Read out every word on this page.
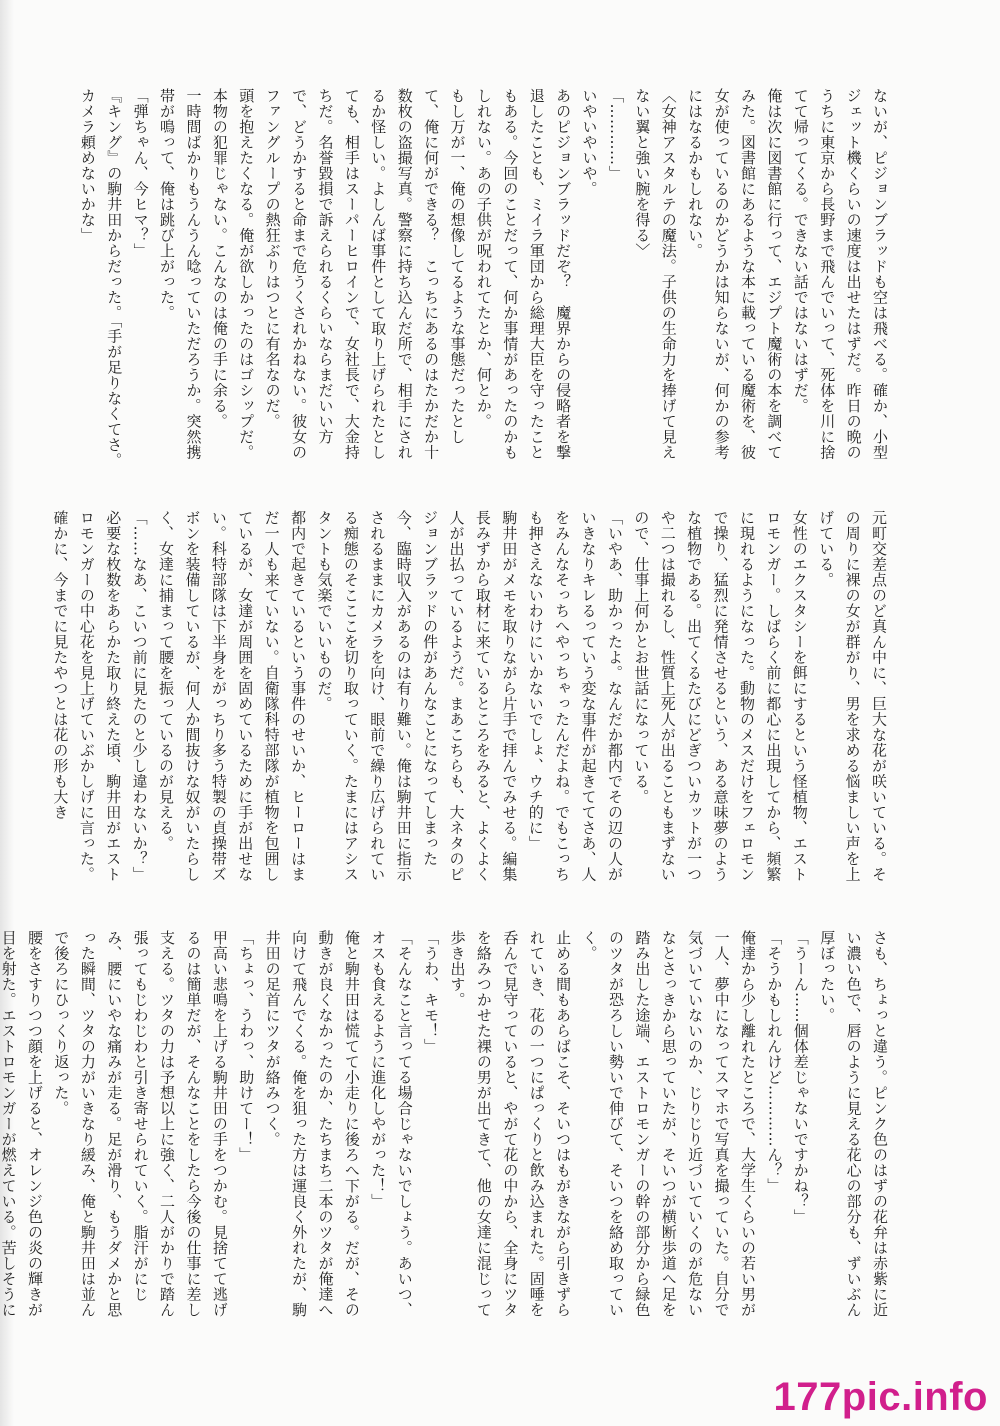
ないが、ピジョンブラッドも空は飛べる。確か、小型ジェット機くらいの速度は出せたはずだ。昨日の晩のうちに東京から長野まで飛んでいって、死体を川に捨てて帰ってくる。できない話ではないはずだ。

俺は次に図書館に行って、エジプト魔術の本を調べてみた。図書館にあるような本に載っている魔術を、彼女が使っているのかどうかは知らないが、何かの参考にはなるかもしれない。

〈女神アスタルテの魔法。子供の生命力を捧げて見えない翼と強い腕を得る〉

「…………」

いやいやいや。

あのピジョンブラッドだぞ？　魔界からの侵略者を撃退したことも、ミイラ軍団から総理大臣を守ったこともある。今回のことだって、何か事情があったのかもしれない。あの子供が呪われてたとか、何とか。

もし万が一、俺の想像してるような事態だったとして、俺に何ができる？　こっちにあるのはたかだか十数枚の盗撮写真。警察に持ち込んだ所で、相手にされるか怪しい。よしんば事件として取り上げられたとしても、相手はスーパーヒロインで、女社長で、大金持ちだ。名誉毀損で訴えられるくらいならまだいい方で、どうかすると命まで危うくされかねない。彼女のファングループの熱狂ぶりはつとに有名なのだ。

頭を抱えたくなる。俺が欲しかったのはゴシップだ。本物の犯罪じゃない。こんなのは俺の手に余る。

一時間ばかりもうんうん唸っていただろうか。突然携帯が鳴って、俺は跳び上がった。

「弾ちゃん、今ヒマ？」

『キング』の駒井田からだった。「手が足りなくてさ。カメラ頼めないかな」

元町交差点のど真ん中に、巨大な花が咲いている。その周りに裸の女が群がり、男を求める悩ましい声を上げている。

女性のエクスタシーを餌にするという怪植物、エストロモンガー。しばらく前に都心に出現してから、頻繁に現れるようになった。動物のメスだけをフェロモンで操り、猛烈に発情させるという、ある意味夢のような植物である。出てくるたびにどぎついカットが一つや二つは撮れるし、性質上死人が出ることもまずないので、仕事上何かとお世話になっている。

「いやあ、助かったよ。なんだか都内でその辺の人がいきなりキレるっていう変な事件が起きててさあ、人をみんなそっちへやっちゃったんだよね。でもこっちも押さえないわけにいかないでしょ、ウチ的に」

駒井田がメモを取りながら片手で拝んでみせる。編集長みずから取材に来ているところをみると、よくよく人が出払っているようだ。まあこちらも、大ネタのピジョンブラッドの件があんなことになってしまった今、臨時収入があるのは有り難い。俺は駒井田に指示されるままにカメラを向け、眼前で繰り広げられている痴態のそこここを切り取っていく。たまにはアシスタントも気楽でいいものだ。

都内で起きているという事件のせいか、ヒーローはまだ一人も来ていない。自衛隊科特部隊が植物を包囲しているが、女達が周囲を固めているために手が出せない。科特部隊は下半身をがっちり多う特製の貞操帯ズボンを装備しているが、何人か間抜けな奴がいたらしく、女達に捕まって腰を振っているのが見える。

「……なあ、こいつ前に見たのと少し違わないか？」

必要な枚数をあらかた取り終えた頃、駒井田がエストロモンガーの中心花を見上げていぶかしげに言った。確かに、今までに見たやつとは花の形も大き

さも、ちょっと違う。ピンク色のはずの花弁は赤紫に近い濃い色で、唇のように見える花心の部分も、ずいぶん厚ぼったい。

「うーん……個体差じゃないですかね？」

「そうかもしれんけど…………ん？」

俺達から少し離れたところで、大学生くらいの若い男が一人、夢中になってスマホで写真を撮っていた。自分で気づいていないのか、じりじり近づいていくのが危ないなとさっきから思っていたが、そいつが横断歩道へ足を踏み出した途端、エストロモンガーの幹の部分から緑色のツタが恐ろしい勢いで伸びて、そいつを絡め取っていく。

止める間もあらばこそ、そいつはもがきながら引きずられていき、花の一つにぱっくりと飲み込まれた。固唾を呑んで見守っていると、やがて花の中から、全身にツタを絡みつかせた裸の男が出てきて、他の女達に混じって歩き出す。

「うわ、キモ！」

「そんなこと言ってる場合じゃないでしょう。あいつ、オスも食えるように進化しやがった！」

俺と駒井田は慌てて小走りに後ろへ下がる。だが、その動きが良くなかったのか、たちまち二本のツタが俺達へ向けて飛んでくる。俺を狙った方は運良く外れたが、駒井田の足首にツタが絡みつく。

「ちょっ、うわっ、助けてー！」

甲高い悲鳴を上げる駒井田の手をつかむ。見捨てて逃げるのは簡単だが、そんなことをしたら今後の仕事に差し支える。ツタの力は予想以上に強く、二人がかりで踏ん張ってもじわじわと引き寄せられていく。脂汗がにじみ、腰にいやな痛みが走る。足が滑り、もうダメかと思った瞬間、ツタの力がいきなり緩み、俺と駒井田は並んで後ろにひっくり返った。

腰をさすりつつ顔を上げると、オレンジ色の炎の輝きが目を射た。エストロモンガーが燃えている。苦しそうに

177pic.info
